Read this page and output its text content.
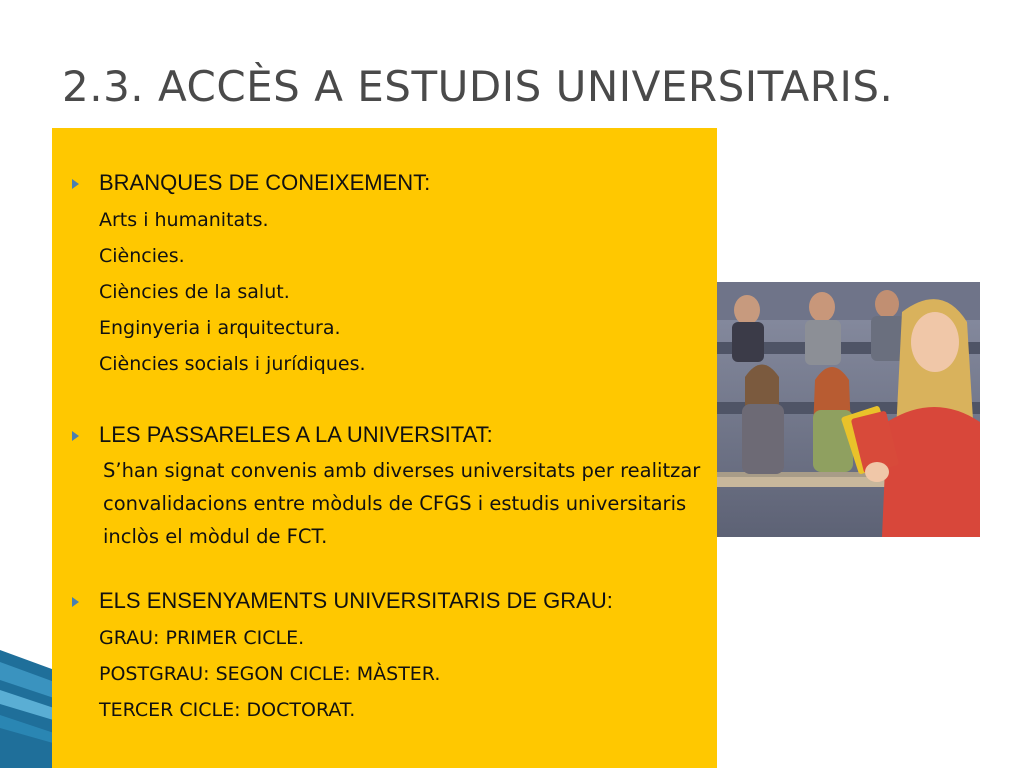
2.3. ACCÈS A ESTUDIS UNIVERSITARIS.
BRANQUES DE CONEIXEMENT:
Arts i humanitats.
Ciències.
Ciències de la salut.
Enginyeria i arquitectura.
Ciències socials i jurídiques.
LES PASSARELES A LA UNIVERSITAT:

S’han signat convenis amb diverses universitats per realitzar convalidacions entre mòduls de CFGS i estudis universitaris inclòs el mòdul de FCT.

ELS ENSENYAMENTS UNIVERSITARIS DE GRAU:
GRAU: PRIMER CICLE.
POSTGRAU: SEGON CICLE: MÀSTER.
TERCER CICLE: DOCTORAT.
